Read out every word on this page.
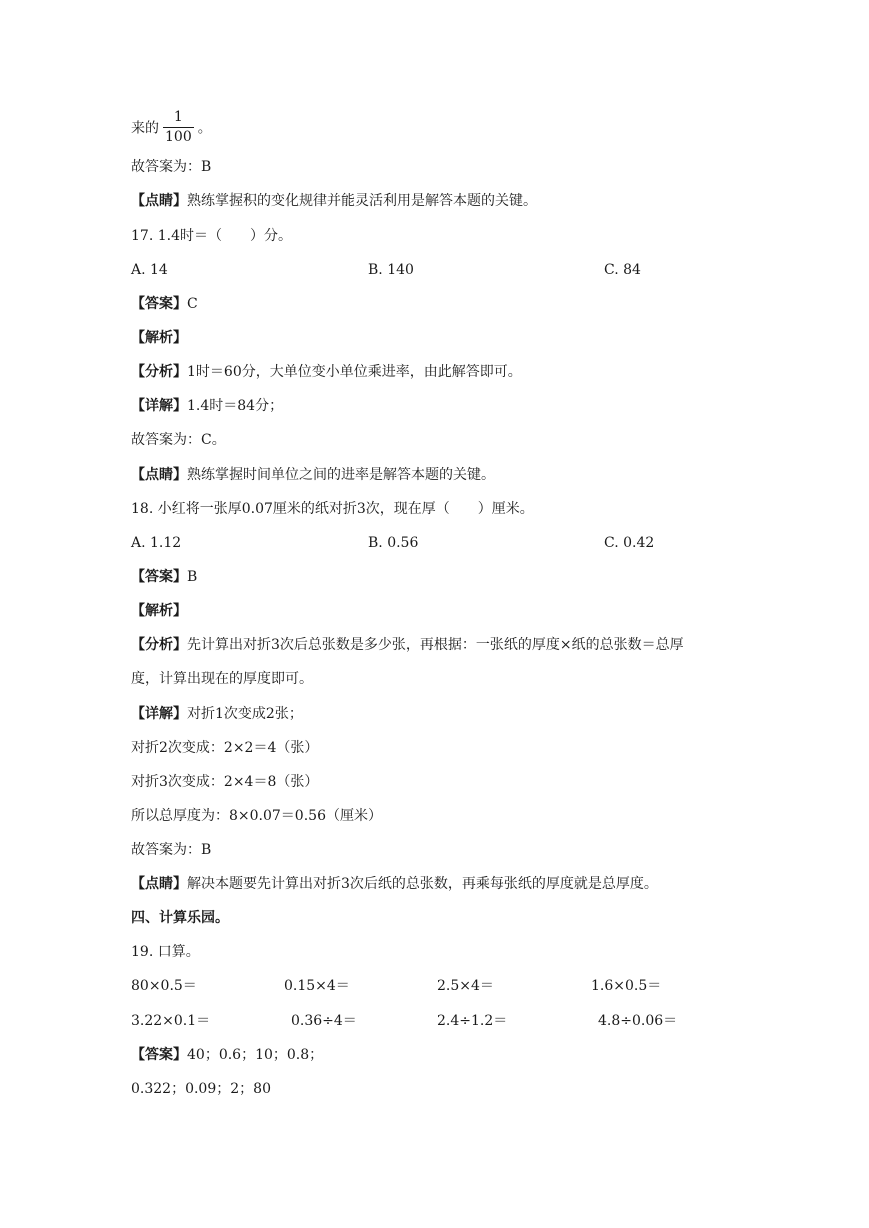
来的 $\frac{1}{100}$ 。
故答案为：B
【点睛】熟练掌握积的变化规律并能灵活利用是解答本题的关键。
17. 1.4时＝（　　）分。
A. 14	B. 140	C. 84
【答案】C
【解析】
【分析】1时＝60分，大单位变小单位乘进率，由此解答即可。
【详解】1.4时＝84分；
故答案为：C。
【点睛】熟练掌握时间单位之间的进率是解答本题的关键。
18. 小红将一张厚0.07厘米的纸对折3次，现在厚（　　）厘米。
A. 1.12	B. 0.56	C. 0.42
【答案】B
【解析】
【分析】先计算出对折3次后总张数是多少张，再根据：一张纸的厚度×纸的总张数＝总厚
度，计算出现在的厚度即可。
【详解】对折1次变成2张；
对折2次变成：2×2＝4（张）
对折3次变成：2×4＝8（张）
所以总厚度为：8×0.07＝0.56（厘米）
故答案为：B
【点睛】解决本题要先计算出对折3次后纸的总张数，再乘每张纸的厚度就是总厚度。
四、计算乐园。
19. 口算。
80×0.5＝	0.15×4＝	2.5×4＝	1.6×0.5＝
3.22×0.1＝	0.36÷4＝	2.4÷1.2＝	4.8÷0.06＝
【答案】40；0.6；10；0.8；
0.322；0.09；2；80
